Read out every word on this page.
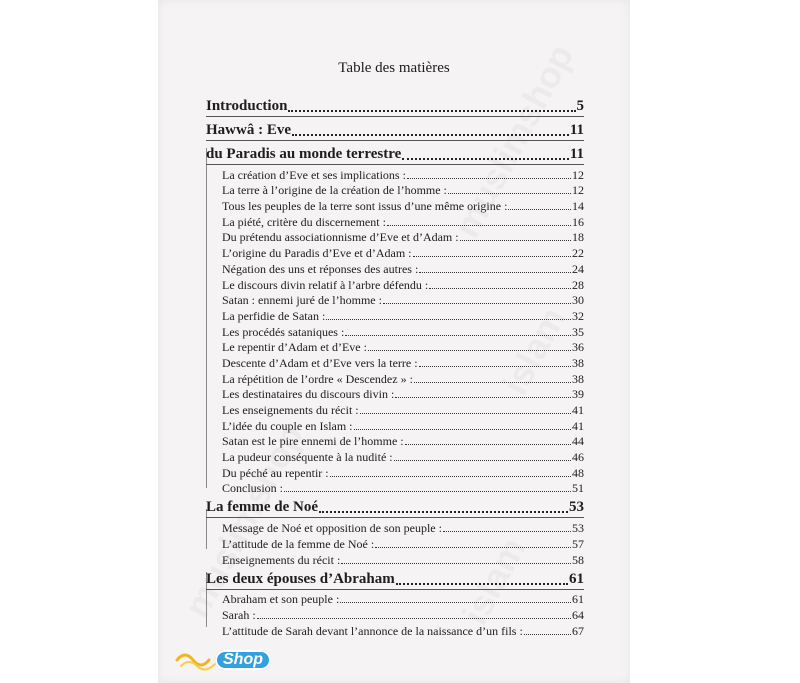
Table des matières
Introduction	5
Hawwâ : Eve	11
du Paradis au monde terrestre	11
La création d’Eve et ses implications :	12
La terre à l’origine de la création de l’homme :	12
Tous les peuples de la terre sont issus d’une même origine :	14
La piété, critère du discernement :	16
Du prétendu associationnisme d’Eve et d’Adam :	18
L’origine du Paradis d’Eve et d’Adam :	22
Négation des uns et réponses des autres :	24
Le discours divin relatif à l’arbre défendu :	28
Satan : ennemi juré de l’homme :	30
La perfidie de Satan :	32
Les procédés sataniques :	35
Le repentir d’Adam et d’Eve :	36
Descente d’Adam et d’Eve vers la terre :	38
La répétition de l’ordre « Descendez » :	38
Les destinataires du discours divin :	39
Les enseignements du récit :	41
L’idée du couple en Islam :	41
Satan est le pire ennemi de l’homme :	44
La pudeur conséquente à la nudité :	46
Du péché au repentir :	48
Conclusion :	51
La femme de Noé	53
Message de Noé et opposition de son peuple :	53
L’attitude de la femme de Noé :	57
Enseignements du récit :	58
Les deux épouses d’Abraham	61
Abraham et son peuple :	61
Sarah :	64
L’attitude de Sarah devant l’annonce de la naissance d’un fils :	67
Shop
